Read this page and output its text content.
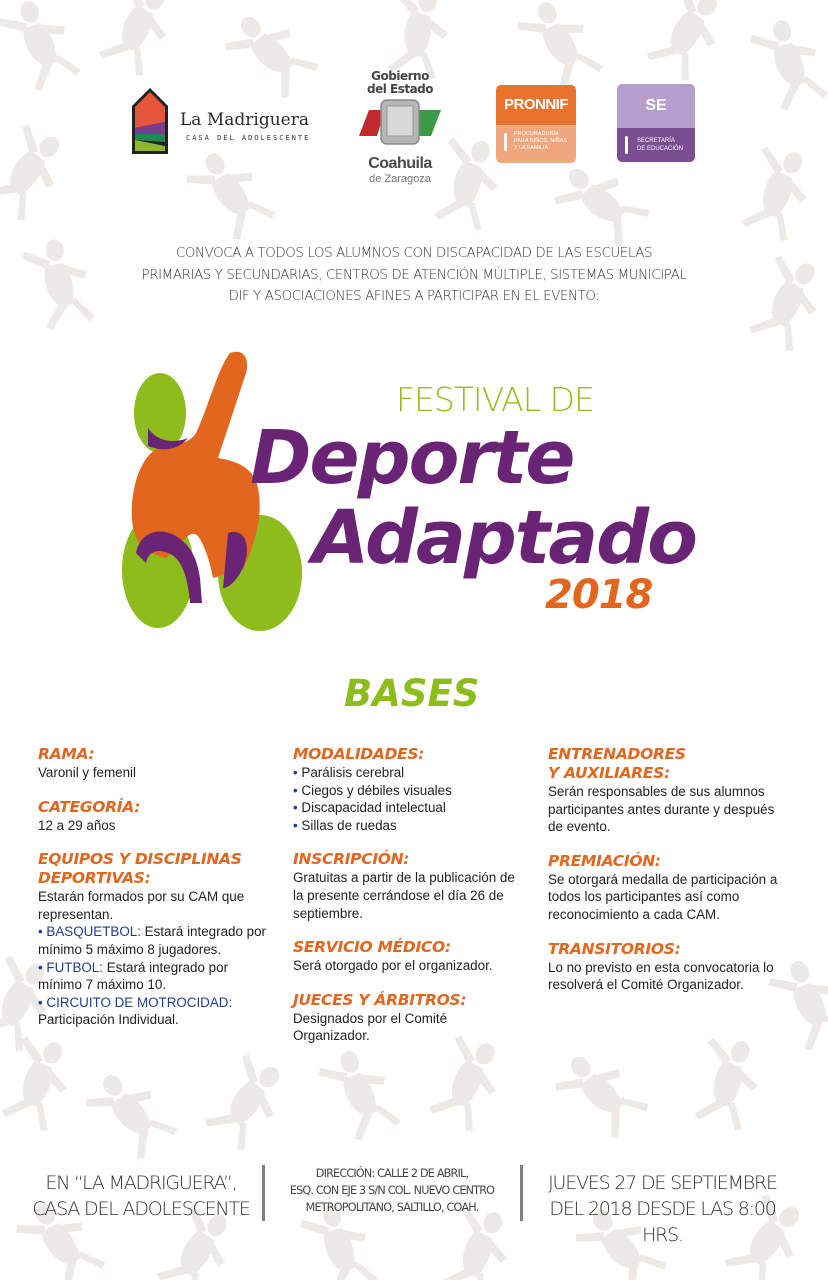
La Madriguera
CASA DEL ADOLESCENTE
Gobierno
del Estado
Coahuila
de Zaragoza
PRONNIF
PROCURADURÍA
PARA NIÑOS, NIÑAS
Y LA FAMILIA
SE
SECRETARÍA
DE EDUCACIÓN
CONVOCA A TODOS LOS ALUMNOS CON DISCAPACIDAD DE LAS ESCUELAS
PRIMARIAS Y SECUNDARIAS, CENTROS DE ATENCIÓN MÚLTIPLE, SISTEMAS MUNICIPAL
DIF Y ASOCIACIONES AFINES A PARTICIPAR EN EL EVENTO:
FESTIVAL DE
Deporte
Adaptado
2018
BASES
RAMA:
Varonil y femenil
CATEGORÍA:
12 a 29 años
EQUIPOS Y DISCIPLINAS
DEPORTIVAS:
Estarán formados por su CAM que representan.
• BASQUETBOL: Estará integrado por mínimo 5 máximo 8 jugadores.
• FUTBOL: Estará integrado por mínimo 7 máximo 10.
• CIRCUITO DE MOTROCIDAD: Participación Individual.
MODALIDADES:
• Parálisis cerebral
• Ciegos y débiles visuales
• Discapacidad intelectual
• Sillas de ruedas
INSCRIPCIÓN:
Gratuitas a partir de la publicación de la presente cerrándose el día 26 de septiembre.
SERVICIO MÉDICO:
Será otorgado por el organizador.
JUECES Y ÁRBITROS:
Designados por el Comité Organizador.
ENTRENADORES
Y AUXILIARES:
Serán responsables de sus alumnos participantes antes durante y después de evento.
PREMIACIÓN:
Se otorgará medalla de participación a todos los participantes así como reconocimiento a cada CAM.
TRANSITORIOS:
Lo no previsto en esta convocatoria lo resolverá el Comité Organizador.
EN “LA MADRIGUERA”,
CASA DEL ADOLESCENTE
DIRECCIÓN: CALLE 2 DE ABRIL,
ESQ. CON EJE 3 S/N COL. NUEVO CENTRO
METROPOLITANO, SALTILLO, COAH.
JUEVES 27 DE SEPTIEMBRE
DEL 2018 DESDE LAS 8:00 HRS.
